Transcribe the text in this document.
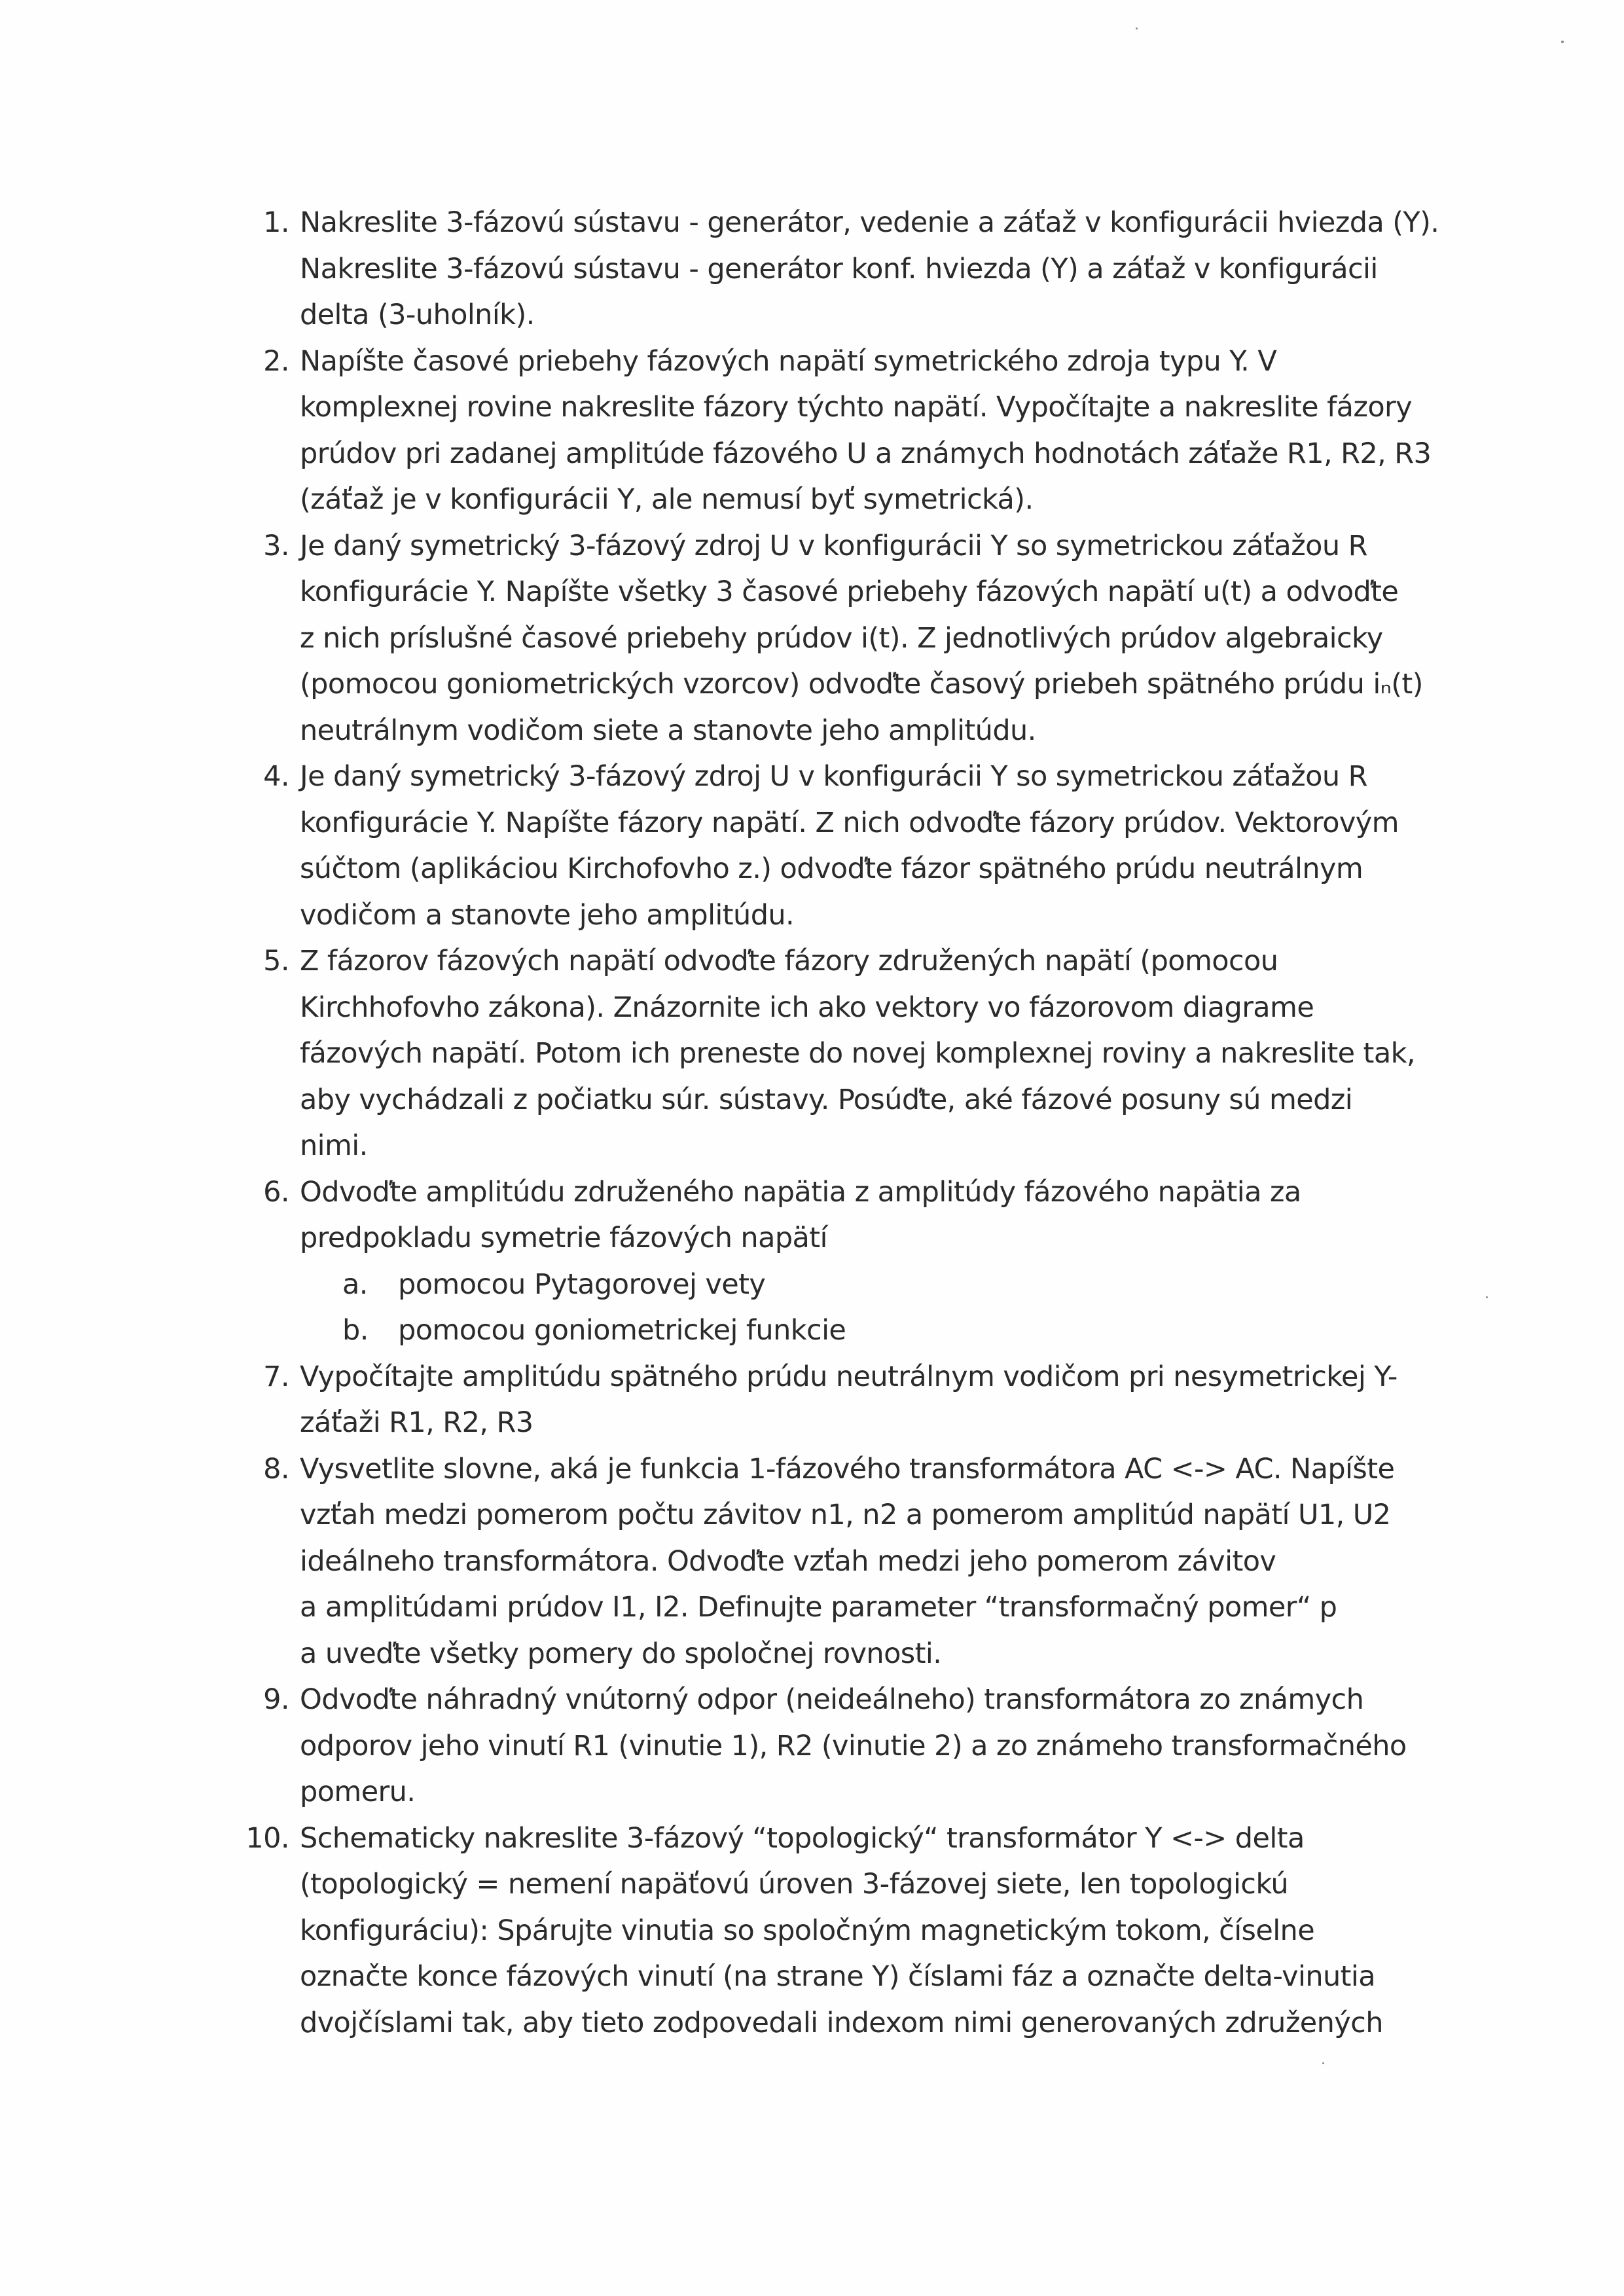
1. Nakreslite 3-fázovú sústavu - generátor, vedenie a záťaž v konfigurácii hviezda (Y).
Nakreslite 3-fázovú sústavu - generátor konf. hviezda (Y) a záťaž v konfigurácii
delta (3-uholník).
2. Napíšte časové priebehy fázových napätí symetrického zdroja typu Y. V
komplexnej rovine nakreslite fázory týchto napätí. Vypočítajte a nakreslite fázory
prúdov pri zadanej amplitúde fázového U a známych hodnotách záťaže R1, R2, R3
(záťaž je v konfigurácii Y, ale nemusí byť symetrická).
3. Je daný symetrický 3-fázový zdroj U v konfigurácii Y so symetrickou záťažou R
konfigurácie Y. Napíšte všetky 3 časové priebehy fázových napätí u(t) a odvoďte
z nich príslušné časové priebehy prúdov i(t). Z jednotlivých prúdov algebraicky
(pomocou goniometrických vzorcov) odvoďte časový priebeh spätného prúdu iₙ(t)
neutrálnym vodičom siete a stanovte jeho amplitúdu.
4. Je daný symetrický 3-fázový zdroj U v konfigurácii Y so symetrickou záťažou R
konfigurácie Y. Napíšte fázory napätí. Z nich odvoďte fázory prúdov. Vektorovým
súčtom (aplikáciou Kirchofovho z.) odvoďte fázor spätného prúdu neutrálnym
vodičom a stanovte jeho amplitúdu.
5. Z fázorov fázových napätí odvoďte fázory združených napätí (pomocou
Kirchhofovho zákona). Znázornite ich ako vektory vo fázorovom diagrame
fázových napätí. Potom ich preneste do novej komplexnej roviny a nakreslite tak,
aby vychádzali z počiatku súr. sústavy. Posúďte, aké fázové posuny sú medzi
nimi.
6. Odvoďte amplitúdu združeného napätia z amplitúdy fázového napätia za
predpokladu symetrie fázových napätí
a. pomocou Pytagorovej vety
b. pomocou goniometrickej funkcie
7. Vypočítajte amplitúdu spätného prúdu neutrálnym vodičom pri nesymetrickej Y-
záťaži R1, R2, R3
8. Vysvetlite slovne, aká je funkcia 1-fázového transformátora AC <-> AC. Napíšte
vzťah medzi pomerom počtu závitov n1, n2 a pomerom amplitúd napätí U1, U2
ideálneho transformátora. Odvoďte vzťah medzi jeho pomerom závitov
a amplitúdami prúdov I1, I2. Definujte parameter “transformačný pomer“ p
a uveďte všetky pomery do spoločnej rovnosti.
9. Odvoďte náhradný vnútorný odpor (neideálneho) transformátora zo známych
odporov jeho vinutí R1 (vinutie 1), R2 (vinutie 2) a zo známeho transformačného
pomeru.
10. Schematicky nakreslite 3-fázový “topologický“ transformátor Y <-> delta
(topologický = nemení napäťovú úroven 3-fázovej siete, len topologickú
konfiguráciu): Spárujte vinutia so spoločným magnetickým tokom, číselne
označte konce fázových vinutí (na strane Y) číslami fáz a označte delta-vinutia
dvojčíslami tak, aby tieto zodpovedali indexom nimi generovaných združených
